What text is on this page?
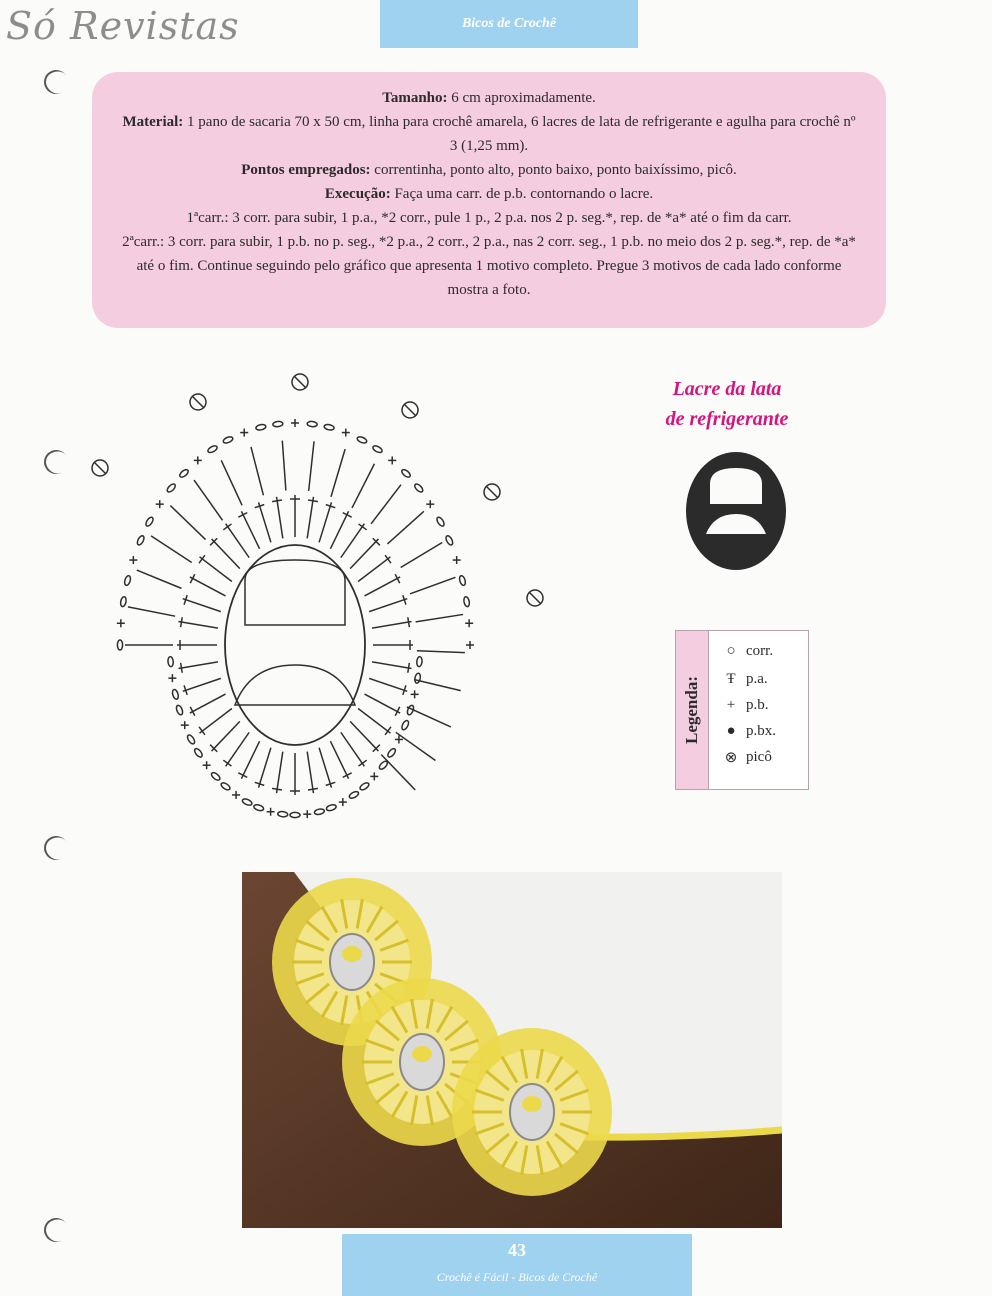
Só Revistas	Bicos de Crochê

Tamanho: 6 cm aproximadamente.

Material: 1 pano de sacaria 70 x 50 cm, linha para crochê amarela, 6 lacres de lata de refrigerante e agulha para crochê nº 3 (1,25 mm).

Pontos empregados: correntinha, ponto alto, ponto baixo, ponto baixíssimo, picô.

Execução: Faça uma carr. de p.b. contornando o lacre.

1ªcarr.: 3 corr. para subir, 1 p.a., *2 corr., pule 1 p., 2 p.a. nos 2 p. seg.*, rep. de *a* até o fim da carr.

2ªcarr.: 3 corr. para subir, 1 p.b. no p. seg., *2 p.a., 2 corr., 2 p.a., nas 2 corr. seg., 1 p.b. no meio dos 2 p. seg.*, rep. de *a* até o fim. Continue seguindo pelo gráfico que apresenta 1 motivo completo. Pregue 3 motivos de cada lado conforme mostra a foto.

Lacre da lata
de refrigerante
Legenda:
○ corr.
Ŧ p.a.
+ p.b.
● p.bx.
⊗ picô
43
Crochê é Fácil - Bicos de Crochê
